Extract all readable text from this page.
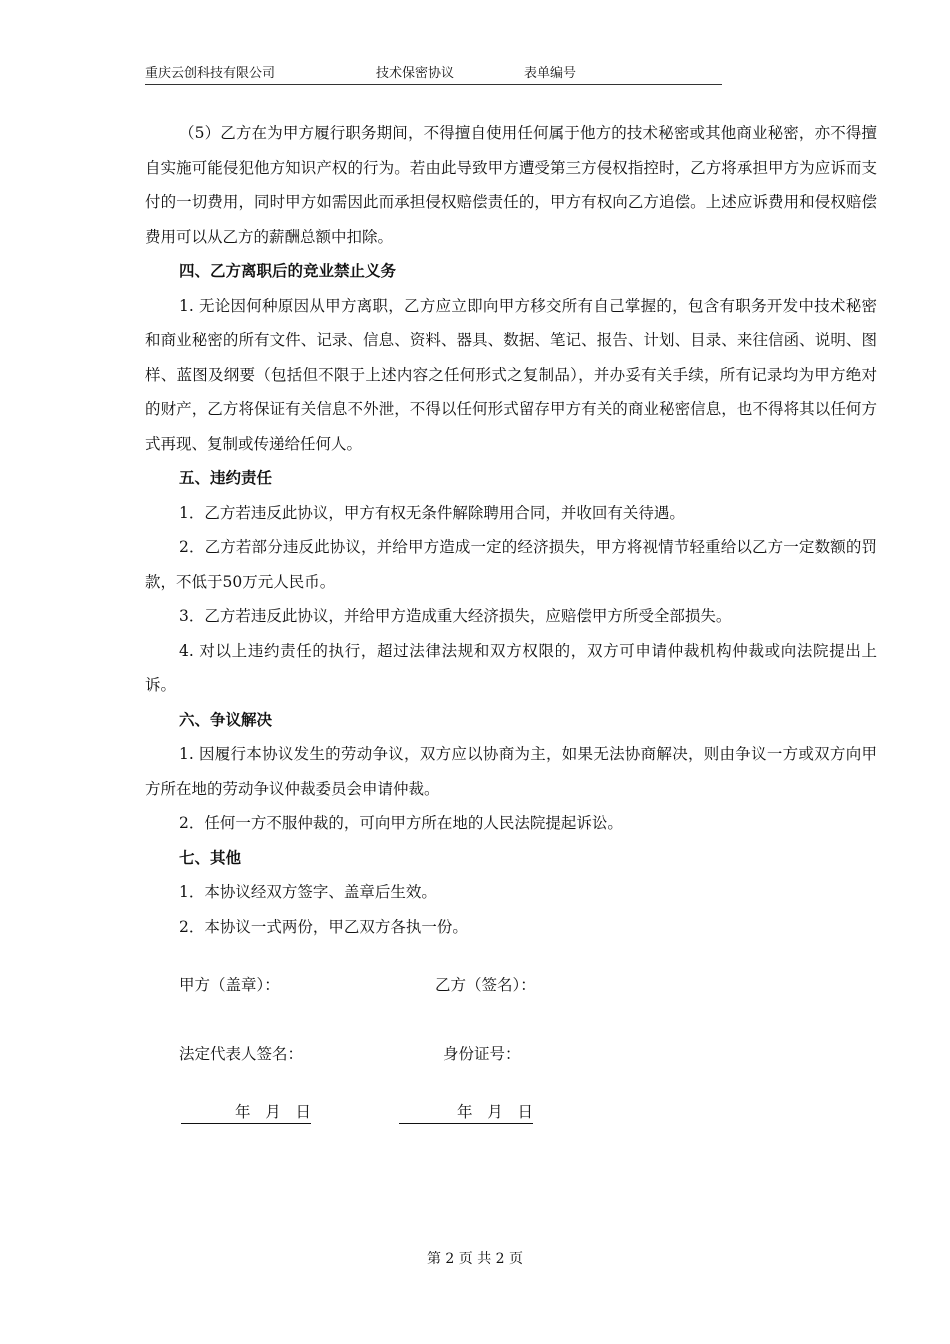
重庆云创科技有限公司	技术保密协议	表单编号

（5）乙方在为甲方履行职务期间，不得擅自使用任何属于他方的技术秘密或其他商业秘密，亦不得擅自实施可能侵犯他方知识产权的行为。若由此导致甲方遭受第三方侵权指控时，乙方将承担甲方为应诉而支付的一切费用，同时甲方如需因此而承担侵权赔偿责任的，甲方有权向乙方追偿。上述应诉费用和侵权赔偿费用可以从乙方的薪酬总额中扣除。

四、乙方离职后的竞业禁止义务

1. 无论因何种原因从甲方离职，乙方应立即向甲方移交所有自己掌握的，包含有职务开发中技术秘密和商业秘密的所有文件、记录、信息、资料、器具、数据、笔记、报告、计划、目录、来往信函、说明、图样、蓝图及纲要（包括但不限于上述内容之任何形式之复制品），并办妥有关手续，所有记录均为甲方绝对的财产，乙方将保证有关信息不外泄，不得以任何形式留存甲方有关的商业秘密信息，也不得将其以任何方式再现、复制或传递给任何人。

五、违约责任

1．乙方若违反此协议，甲方有权无条件解除聘用合同，并收回有关待遇。

2．乙方若部分违反此协议，并给甲方造成一定的经济损失，甲方将视情节轻重给以乙方一定数额的罚款，不低于50万元人民币。

3．乙方若违反此协议，并给甲方造成重大经济损失，应赔偿甲方所受全部损失。

4. 对以上违约责任的执行，超过法律法规和双方权限的，双方可申请仲裁机构仲裁或向法院提出上诉。

六、争议解决

1. 因履行本协议发生的劳动争议，双方应以协商为主，如果无法协商解决，则由争议一方或双方向甲方所在地的劳动争议仲裁委员会申请仲裁。

2．任何一方不服仲裁的，可向甲方所在地的人民法院提起诉讼。

七、其他

1．本协议经双方签字、盖章后生效。

2．本协议一式两份，甲乙双方各执一份。

甲方（盖章）：	乙方（签名）：
法定代表人签名：	身份证号：
年   月   日	年   月   日
第 2 页 共 2 页
